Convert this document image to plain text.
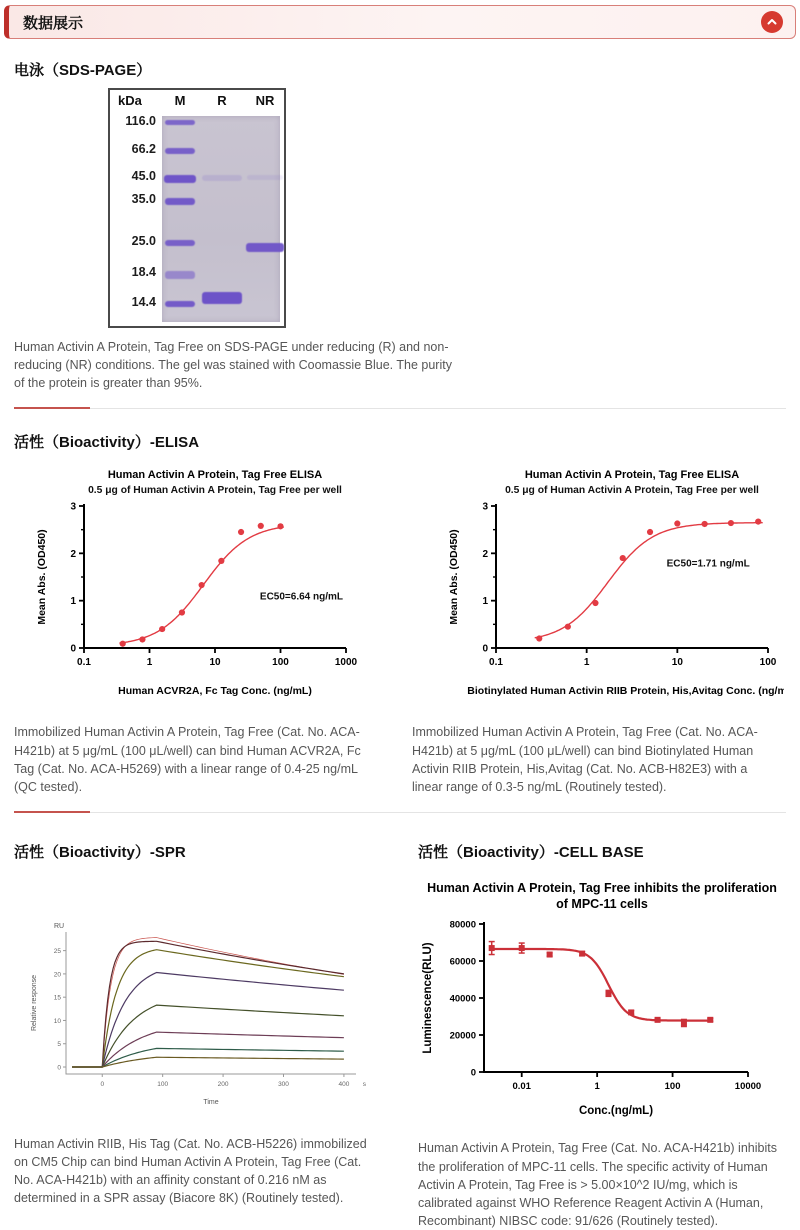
数据展示
电泳（SDS-PAGE）
kDa	M	R	NR
116.0
66.2
45.0
35.0
25.0
18.4
14.4
Human Activin A Protein, Tag Free on SDS-PAGE under reducing (R) and non-reducing (NR) conditions. The gel was stained with Coomassie Blue. The purity of the protein is greater than 95%.
活性（Bioactivity）-ELISA
0.1	1	10	100	1000
0
1
2
3
Human Activin A Protein, Tag Free ELISA
0.5 μg of Human Activin A Protein, Tag Free per well
Human ACVR2A, Fc Tag Conc. (ng/mL)
Mean Abs. (OD450)	EC50=6.64 ng/mL
0.1	1	10	100
0
1
2
3
Human Activin A Protein, Tag Free ELISA
0.5 μg of Human Activin A Protein, Tag Free per well
Biotinylated Human Activin RIIB Protein, His,Avitag Conc. (ng/mL)
Mean Abs. (OD450)	EC50=1.71 ng/mL
Immobilized Human Activin A Protein, Tag Free (Cat. No. ACA-H421b) at 5 μg/mL (100 μL/well) can bind Human ACVR2A, Fc Tag (Cat. No. ACA-H5269) with a linear range of 0.4-25 ng/mL (QC tested).
Immobilized Human Activin A Protein, Tag Free (Cat. No. ACA-H421b) at 5 μg/mL (100 μL/well) can bind Biotinylated Human Activin RIIB Protein, His,Avitag (Cat. No. ACB-H82E3) with a linear range of 0.3-5 ng/mL (Routinely tested).
活性（Bioactivity）-SPR
0	100	200	300	400
0
5
10
15
20
25
RU
Relative response
Time
s
Human Activin RIIB, His Tag (Cat. No. ACB-H5226) immobilized on CM5 Chip can bind Human Activin A Protein, Tag Free (Cat. No. ACA-H421b) with an affinity constant of 0.216 nM as determined in a SPR assay (Biacore 8K) (Routinely tested).
活性（Bioactivity）-CELL BASE
Human Activin A Protein, Tag Free inhibits the proliferation of MPC-11 cells
0.01	1	100	10000
0
20000
40000
60000
80000
Conc.(ng/mL)
Luminescence(RLU)
Human Activin A Protein, Tag Free (Cat. No. ACA-H421b) inhibits the proliferation of MPC-11 cells. The specific activity of Human Activin A Protein, Tag Free is > 5.00×10^2 IU/mg, which is calibrated against WHO Reference Reagent Activin A (Human, Recombinant) NIBSC code: 91/626 (Routinely tested).
